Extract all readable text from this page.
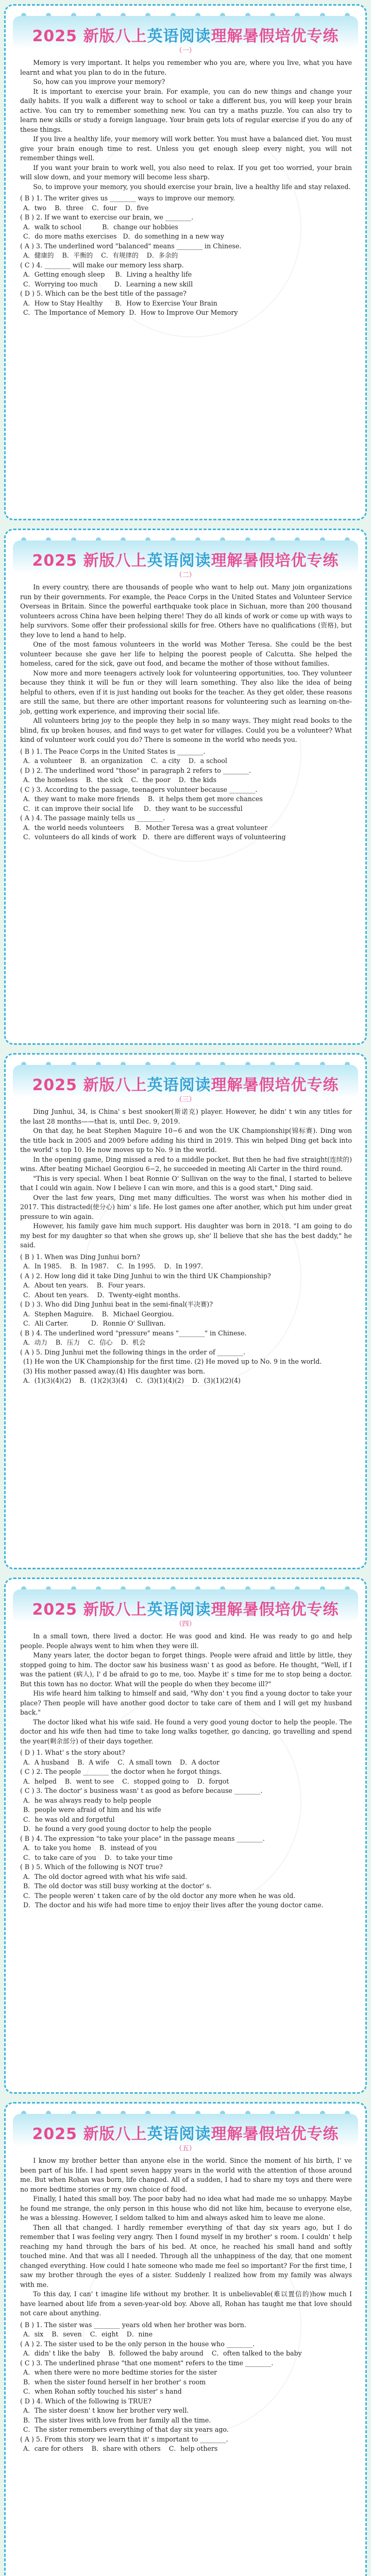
2025 新版八上英语阅读理解暑假培优专练
（一）

Memory is very important. It helps you remember who you are, where you live, what you have learnt and what you plan to do in the future.

So, how can you improve your memory?

It is important to exercise your brain. For example, you can do new things and change your daily habits. If you walk a different way to school or take a different bus, you will keep your brain active. You can try to remember something new. You can try a maths puzzle. You can also try to learn new skills or study a foreign language. Your brain gets lots of regular exercise if you do any of these things.

If you live a healthy life, your memory will work better. You must have a balanced diet. You must give your brain enough time to rest. Unless you get enough sleep every night, you will not remember things well.

If you want your brain to work well, you also need to relax. If you get too worried, your brain will slow down, and your memory will become less sharp.

So, to improve your memory, you should exercise your brain, live a healthy life and stay relaxed.

( B ) 1. The writer gives us ________ ways to improve our memory.
A．two    B．three    C．four    D．five
( B ) 2. If we want to exercise our brain, we ________.
A．walk to school          B．change our hobbies
C．do more maths exercises   D．do something in a new way
( A ) 3. The underlined word "balanced" means ________ in Chinese.
A．健康的    B．平衡的    C．有规律的    D．多余的
( C ) 4. ________ will make our memory less sharp.
A．Getting enough sleep     B．Living a healthy life
C．Worrying too much        D．Learning a new skill
( D ) 5. Which can be the best title of the passage?
A．How to Stay Healthy      B．How to Exercise Your Brain
C．The Importance of Memory  D．How to Improve Our Memory
2025 新版八上英语阅读理解暑假培优专练
（二）

In every country, there are thousands of people who want to help out. Many join organizations run by their governments. For example, the Peace Corps in the United States and Volunteer Service Overseas in Britain. Since the powerful earthquake took place in Sichuan, more than 200 thousand volunteers across China have been helping there! They do all kinds of work or come up with ways to help survivors. Some offer their professional skills for free. Others have no qualifications (资格), but they love to lend a hand to help.

One of the most famous volunteers in the world was Mother Teresa. She could be the best volunteer because she gave her life to helping the poorest people of Calcutta. She helped the homeless, cared for the sick, gave out food, and became the mother of those without families.

Now more and more teenagers actively look for volunteering opportunities, too. They volunteer because they think it will be fun or they will learn something. They also like the idea of being helpful to others, even if it is just handing out books for the teacher. As they get older, these reasons are still the same, but there are other important reasons for volunteering such as learning on-the-job, getting work experience, and improving their social life.

All volunteers bring joy to the people they help in so many ways. They might read books to the blind, fix up broken houses, and find ways to get water for villages. Could you be a volunteer? What kind of volunteer work could you do? There is someone in the world who needs you.

( B ) 1. The Peace Corps in the United States is ________.
A．a volunteer    B．an organization    C．a city    D．a school
( D ) 2. The underlined word "those" in paragraph 2 refers to ________.
A．the homeless    B．the sick    C．the poor    D．the kids
( C ) 3. According to the passage, teenagers volunteer because ________.
A．they want to make more friends    B．it helps them get more chances
C．it can improve their social life     D．they want to be successful
( A ) 4. The passage mainly tells us ________.
A．the world needs volunteers     B．Mother Teresa was a great volunteer
C．volunteers do all kinds of work   D．there are different ways of volunteering
2025 新版八上英语阅读理解暑假培优专练
（三）

Ding Junhui, 34, is China' s best snooker(斯诺克) player. However, he didn' t win any titles for the last 28 months——that is, until Dec. 9, 2019.

On that day, he beat Stephen Maguire 10−6 and won the UK Championship(锦标赛). Ding won the title back in 2005 and 2009 before adding his third in 2019. This win helped Ding get back into the world' s top 10. He now moves up to No. 9 in the world.

In the opening game, Ding missed a red to a middle pocket. But then he had five straight(连续的) wins. After beating Michael Georgiou 6−2, he succeeded in meeting Ali Carter in the third round.

"This is very special. When I beat Ronnie O' Sullivan on the way to the final, I started to believe that I could win again. Now I believe I can win more, and this is a good start," Ding said.

Over the last few years, Ding met many difficulties. The worst was when his mother died in 2017. This distracted(使分心) him' s life. He lost games one after another, which put him under great pressure to win again.

However, his family gave him much support. His daughter was born in 2018. "I am going to do my best for my daughter so that when she grows up, she' ll believe that she has the best daddy," he said.

( B ) 1. When was Ding Junhui born?
A．In 1985.    B．In 1987.    C．In 1995.    D．In 1997.
( A ) 2. How long did it take Ding Junhui to win the third UK Championship?
A．About ten years.    B．Four years.
C．About ten years.    D．Twenty-eight months.
( D ) 3. Who did Ding Junhui beat in the semi-final(半决赛)?
A．Stephen Maguire.    B．Michael Georgiou.
C．Ali Carter.           D．Ronnie O' Sullivan.
( B ) 4. The underlined word "pressure" means "________" in Chinese.
A．动力    B．压力    C．信心    D．机会
( A ) 5. Ding Junhui met the following things in the order of ________.
(1) He won the UK Championship for the first time. (2) He moved up to No. 9 in the world.
(3) His mother passed away.(4) His daughter was born.
A．(1)(3)(4)(2)    B．(1)(2)(3)(4)    C．(3)(1)(4)(2)    D．(3)(1)(2)(4)
2025 新版八上英语阅读理解暑假培优专练
（四）

In a small town, there lived a doctor. He was good and kind. He was ready to go and help people. People always went to him when they were ill.

Many years later, the doctor began to forget things. People were afraid and little by little, they stopped going to him. The doctor saw his business wasn' t as good as before. He thought, "Well, if I was the patient (病人), I' d be afraid to go to me, too. Maybe it' s time for me to stop being a doctor. But this town has no doctor. What will the people do when they become ill?"

His wife heard him talking to himself and said, "Why don' t you find a young doctor to take your place? Then people will have another good doctor to take care of them and I will get my husband back."

The doctor liked what his wife said. He found a very good young doctor to help the people. The doctor and his wife then had time to take long walks together, go dancing, go travelling and spend the year(剩余部分) of their days together.

( D ) 1. What' s the story about?
A．A husband    B．A wife    C．A small town    D．A doctor
( C ) 2. The people ________ the doctor when he forgot things.
A．helped    B．went to see    C．stopped going to    D．forgot
( C ) 3. The doctor' s business wasn' t as good as before because ________.
A．he was always ready to help people
B．people were afraid of him and his wife
C．he was old and forgetful
D．he found a very good young doctor to help the people
( B ) 4. The expression "to take your place" in the passage means ________.
A．to take you home    B．instead of you
C．to take care of you    D．to take your time
( B ) 5. Which of the following is NOT true?
A．The old doctor agreed with what his wife said.
B．The old doctor was still busy working at the doctor' s.
C．The people weren' t taken care of by the old doctor any more when he was old.
D．The doctor and his wife had more time to enjoy their lives after the young doctor came.
2025 新版八上英语阅读理解暑假培优专练
（五）

I know my brother better than anyone else in the world. Since the moment of his birth, I' ve been part of his life. I had spent seven happy years in the world with the attention of those around me. But when Rohan was born, life changed. All of a sudden, I had to share my toys and there were no more bedtime stories or my own choice of food.

Finally, I hated this small boy. The poor baby had no idea what had made me so unhappy. Maybe he found me strange, the only person in this house who did not like him, because to everyone else, he was a blessing. However, I seldom talked to him and always asked him to leave me alone.

Then all that changed. I hardly remember everything of that day six years ago, but I do remember that I was feeling very angry. Then I found myself in my brother' s room. I couldn' t help reaching my hand through the bars of his bed. At once, he reached his small hand and softly touched mine. And that was all I needed. Through all the unhappiness of the day, that one moment changed everything. How could I hate someone who made me feel so important? For the first time, I saw my brother through the eyes of a sister. Suddenly I realized how from my family was always with me.

To this day, I can' t imagine life without my brother. It is unbelievable(难以置信的)how much I have learned about life from a seven-year-old boy. Above all, Rohan has taught me that love should not care about anything.

( B ) 1. The sister was ________ years old when her brother was born.
A．six    B．seven    C．eight    D．nine
( A ) 2. The sister used to be the only person in the house who ________.
A．didn' t like the baby    B．followed the baby around    C．often talked to the baby
( C ) 3. The underlined phrase "that one moment" refers to the time ________.
A．when there were no more bedtime stories for the sister
B．when the sister found herself in her brother' s room
C．when Rohan softly touched his sister' s hand
( D ) 4. Which of the following is TRUE?
A．The sister doesn' t know her brother very well.
B．The sister lives with love from her family all the time.
C．The sister remembers everything of that day six years ago.
( A ) 5. From this story we learn that it' s important to ________.
A．care for others    B．share with others    C．help others
